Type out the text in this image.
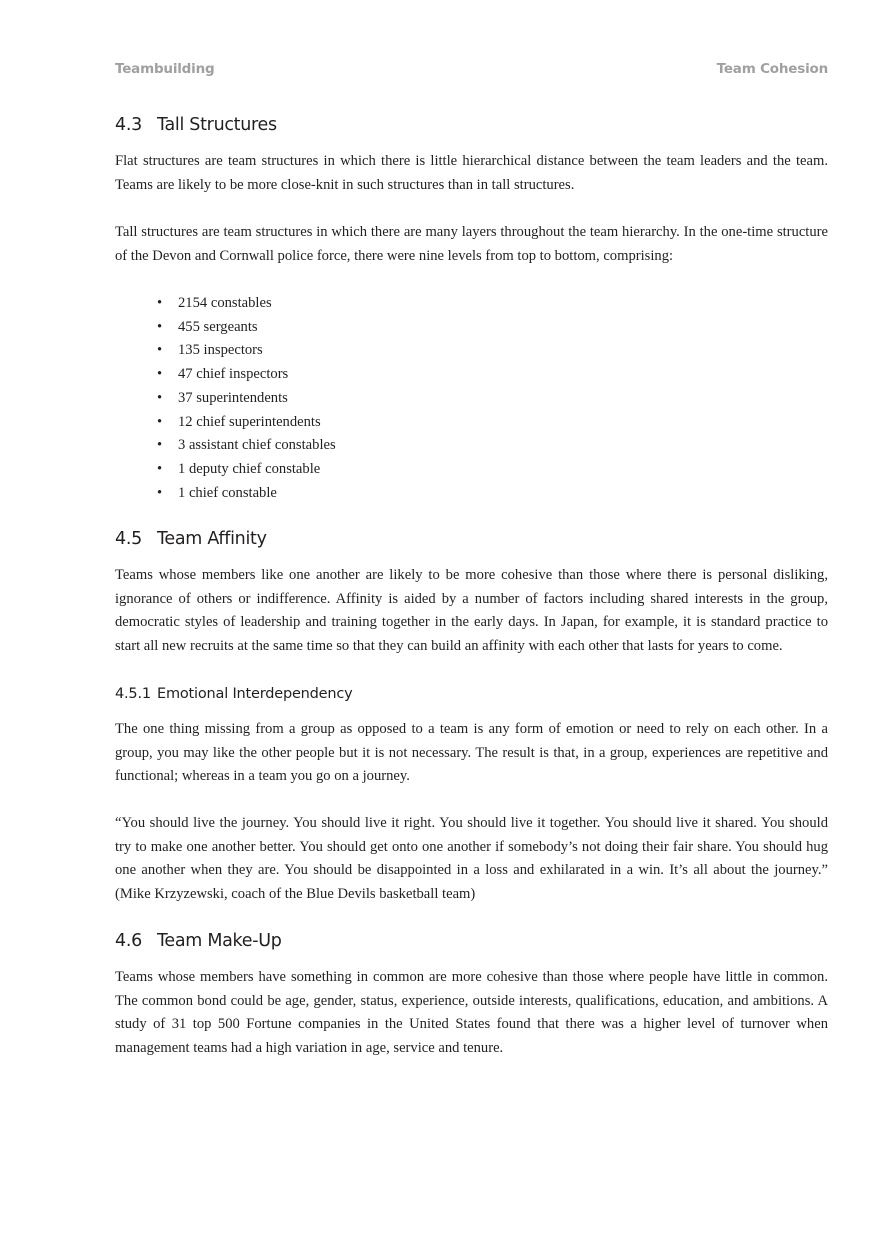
Teambuilding	Team Cohesion
4.3 Tall Structures

Flat structures are team structures in which there is little hierarchical distance between the team leaders and the team. Teams are likely to be more close-knit in such structures than in tall structures.

Tall structures are team structures in which there are many layers throughout the team hierarchy. In the one-time structure of the Devon and Cornwall police force, there were nine levels from top to bottom, comprising:

• 2154 constables
• 455 sergeants
• 135 inspectors
• 47 chief inspectors
• 37 superintendents
• 12 chief superintendents
• 3 assistant chief constables
• 1 deputy chief constable
• 1 chief constable
4.5 Team Affinity

Teams whose members like one another are likely to be more cohesive than those where there is personal disliking, ignorance of others or indifference. Affinity is aided by a number of factors including shared interests in the group, democratic styles of leadership and training together in the early days. In Japan, for example, it is standard practice to start all new recruits at the same time so that they can build an affinity with each other that lasts for years to come.

4.5.1 Emotional Interdependency

The one thing missing from a group as opposed to a team is any form of emotion or need to rely on each other. In a group, you may like the other people but it is not necessary. The result is that, in a group, experiences are repetitive and functional; whereas in a team you go on a journey.

“You should live the journey. You should live it right. You should live it together. You should live it shared. You should try to make one another better. You should get onto one another if somebody’s not doing their fair share. You should hug one another when they are. You should be disappointed in a loss and exhilarated in a win. It’s all about the journey.” (Mike Krzyzewski, coach of the Blue Devils basketball team)

4.6 Team Make-Up

Teams whose members have something in common are more cohesive than those where people have little in common. The common bond could be age, gender, status, experience, outside interests, qualifications, education, and ambitions. A study of 31 top 500 Fortune companies in the United States found that there was a higher level of turnover when management teams had a high variation in age, service and tenure.
